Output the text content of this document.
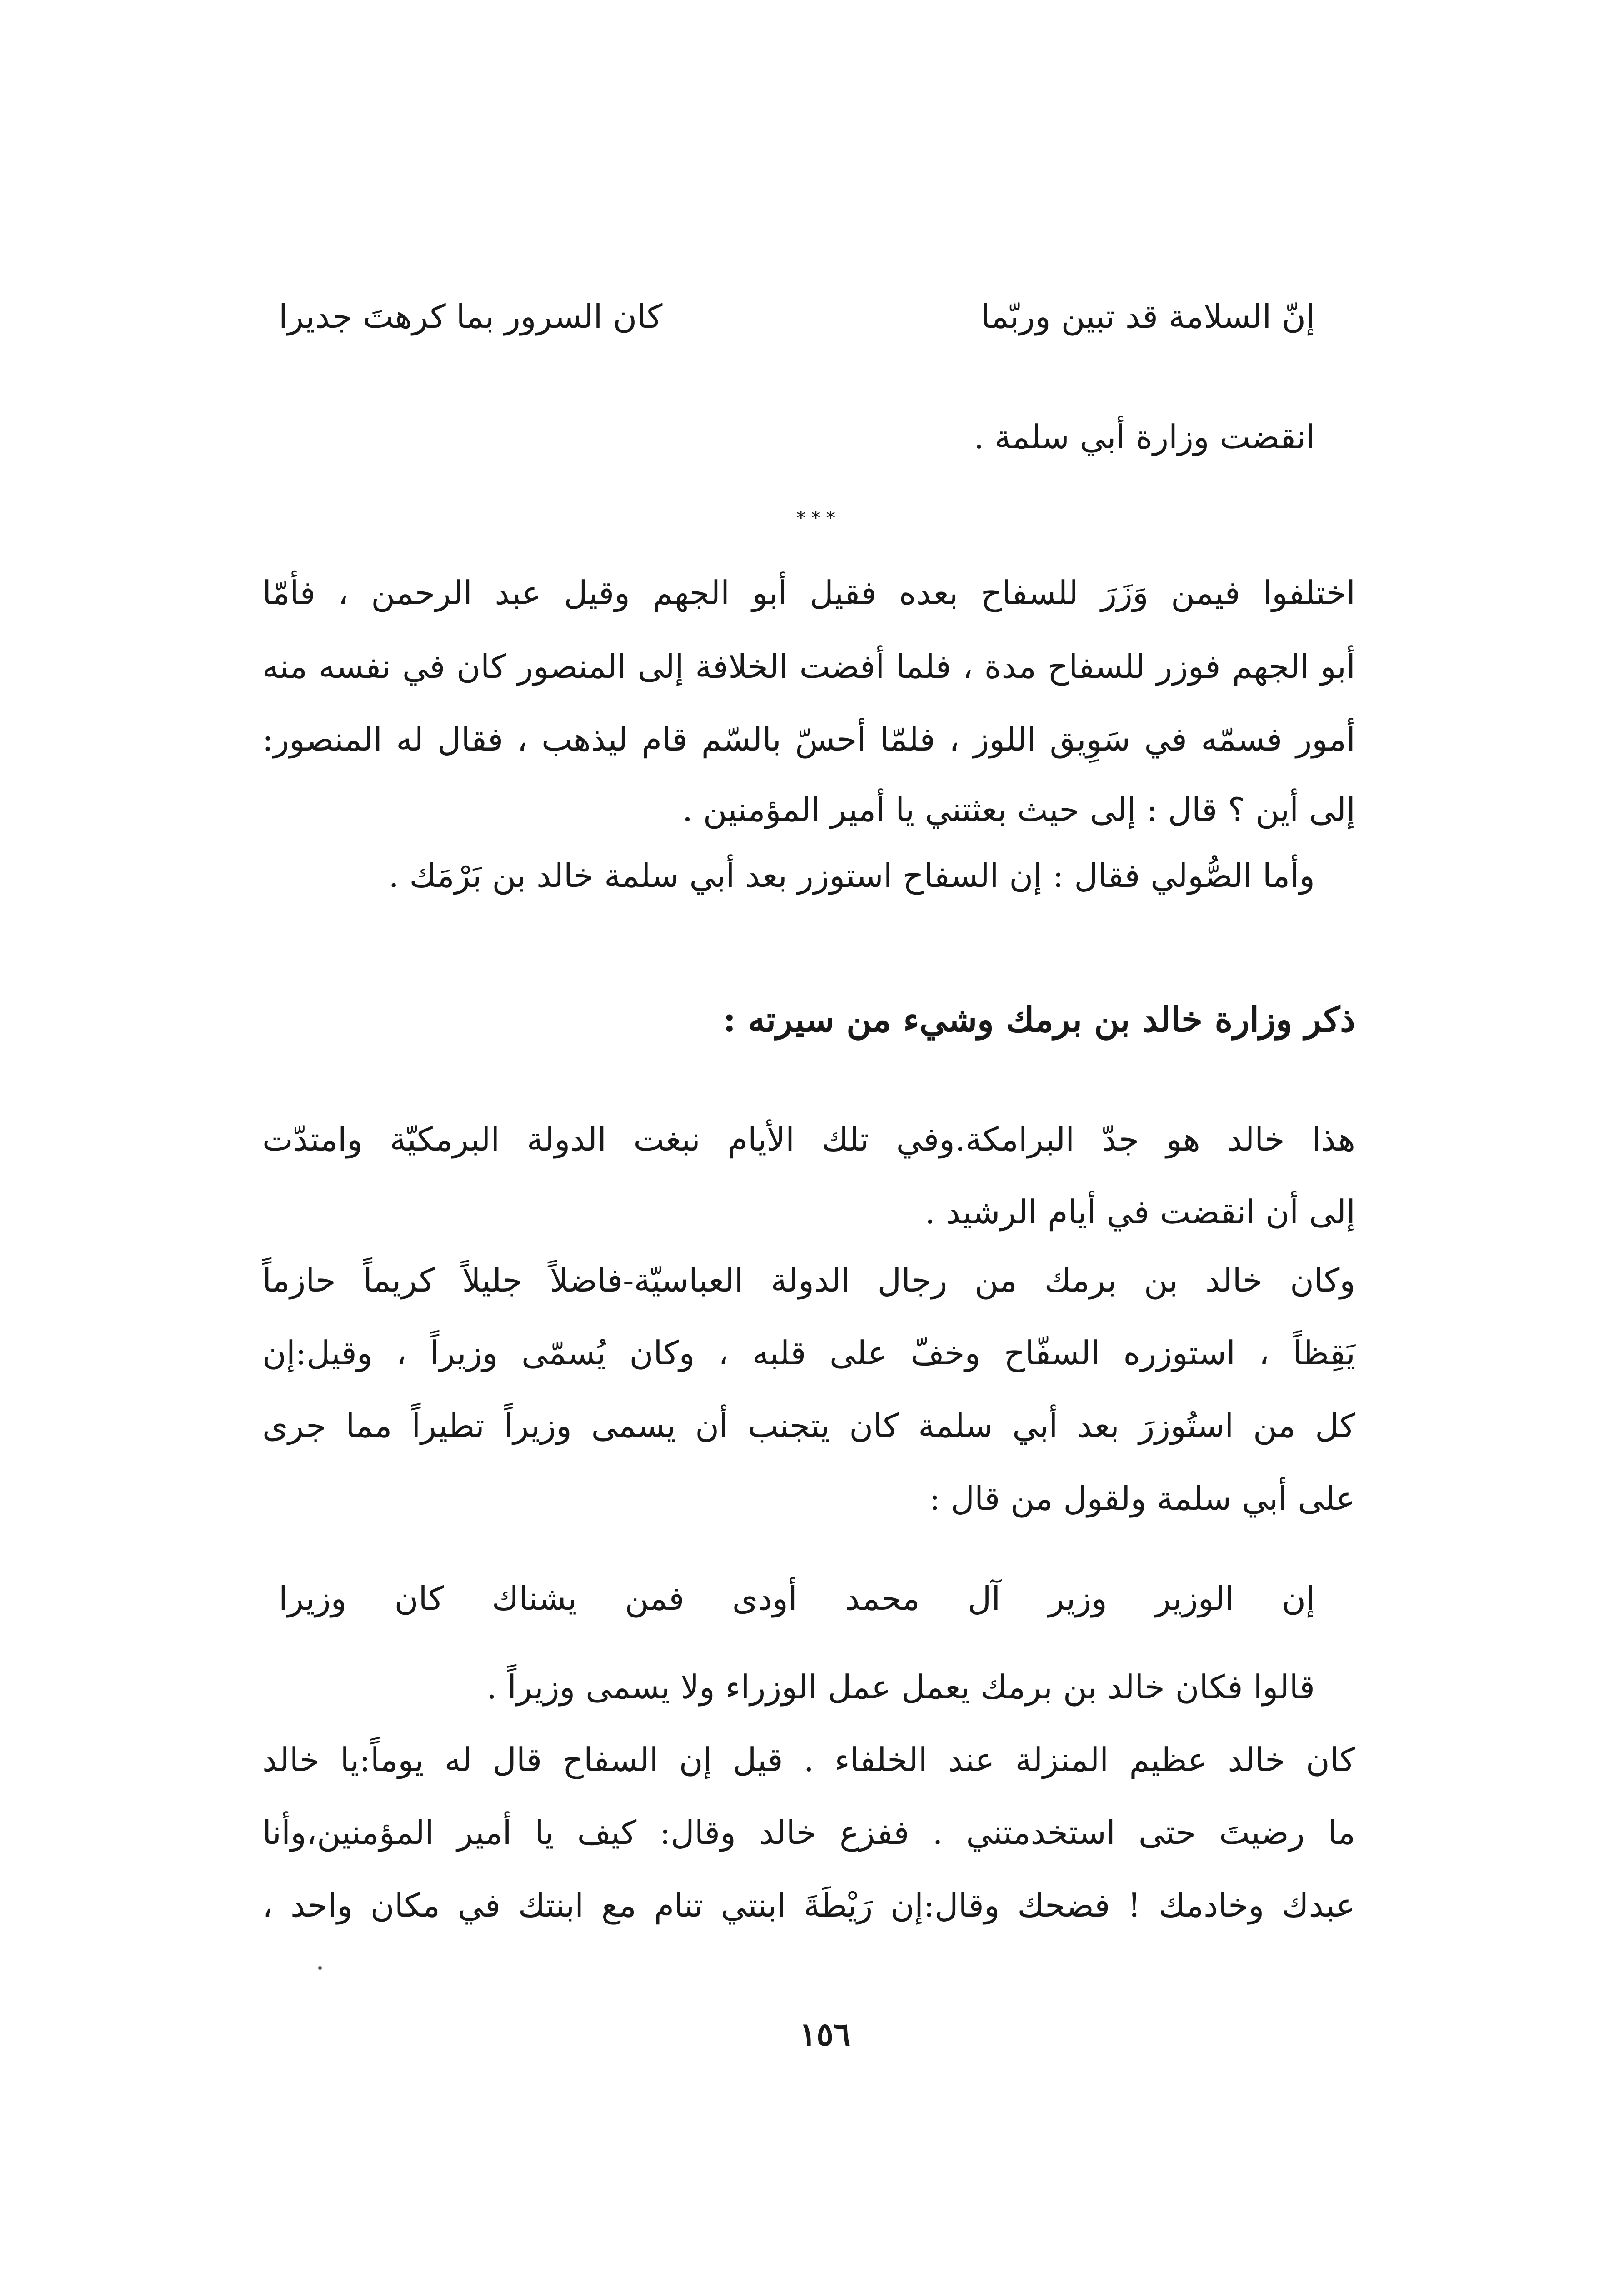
إنّ السلامة قد تبين وربّما
كان السرور بما كرهتَ جديرا
انقضت وزارة أبي سلمة .
* * *
اختلفوا فيمن وَزَرَ للسفاح بعده فقيل أبو الجهم وقيل عبد الرحمن ، فأمّا
أبو الجهم فوزر للسفاح مدة ، فلما أفضت الخلافة إلى المنصور كان في نفسه منه
أمور فسمّه في سَوِيق اللوز ، فلمّا أحسّ بالسّم قام ليذهب ، فقال له المنصور:
إلى أين ؟ قال : إلى حيث بعثتني يا أمير المؤمنين .
وأما الصُّولي فقال : إن السفاح استوزر بعد أبي سلمة خالد بن بَرْمَك .
ذكر وزارة خالد بن برمك وشيء من سيرته :
هذا خالد هو جدّ البرامكة.وفي تلك الأيام نبغت الدولة البرمكيّة وامتدّت
إلى أن انقضت في أيام الرشيد .
وكان خالد بن برمك من رجال الدولة العباسيّة-فاضلاً جليلاً كريماً حازماً
يَقِظاً ، استوزره السفّاح وخفّ على قلبه ، وكان يُسمّى وزيراً ، وقيل:إن
كل من استُوزرَ بعد أبي سلمة كان يتجنب أن يسمى وزيراً تطيراً مما جرى
على أبي سلمة ولقول من قال :
إن
الوزير
وزير
آل
محمد
أودى
فمن
يشناك
كان
وزيرا
قالوا فكان خالد بن برمك يعمل عمل الوزراء ولا يسمى وزيراً .
كان خالد عظيم المنزلة عند الخلفاء . قيل إن السفاح قال له يوماً:يا خالد
ما رضيتَ حتى استخدمتني . ففزع خالد وقال: كيف يا أمير المؤمنين،وأنا
عبدك وخادمك ! فضحك وقال:إن رَيْطَةَ ابنتي تنام مع ابنتك في مكان واحد ،
١٥٦
